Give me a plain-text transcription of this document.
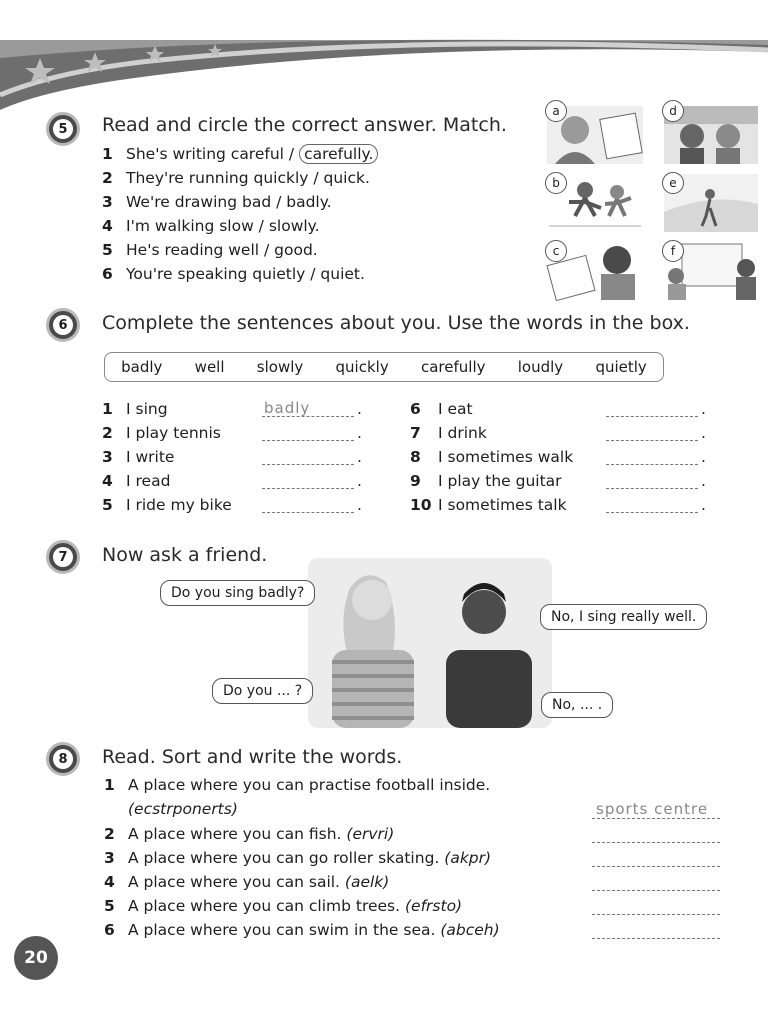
5 Read and circle the correct answer. Match.
1 She's writing careful / carefully.
2 They're running quickly / quick.
3 We're drawing bad / badly.
4 I'm walking slow / slowly.
5 He's reading well / good.
6 You're speaking quietly / quiet.
a	d
b	e
c	f
6 Complete the sentences about you. Use the words in the box.
badly well slowly quickly carefully loudly quietly
1 I sing	badly	.
2 I play tennis	.
3 I write	.
4 I read	.
5 I ride my bike	.
6 I eat	.
7 I drink	.
8 I sometimes walk	.
9 I play the guitar	.
10 I sometimes talk	.
7 Now ask a friend.
Do you sing badly?
No, I sing really well.
Do you ... ?
No, ... .
8 Read. Sort and write the words.
1 A place where you can practise football inside.
(ecstrponerts)	sports centre
2 A place where you can fish. (ervri)
3 A place where you can go roller skating. (akpr)
4 A place where you can sail. (aelk)
5 A place where you can climb trees. (efrsto)
6 A place where you can swim in the sea. (abceh)
20
